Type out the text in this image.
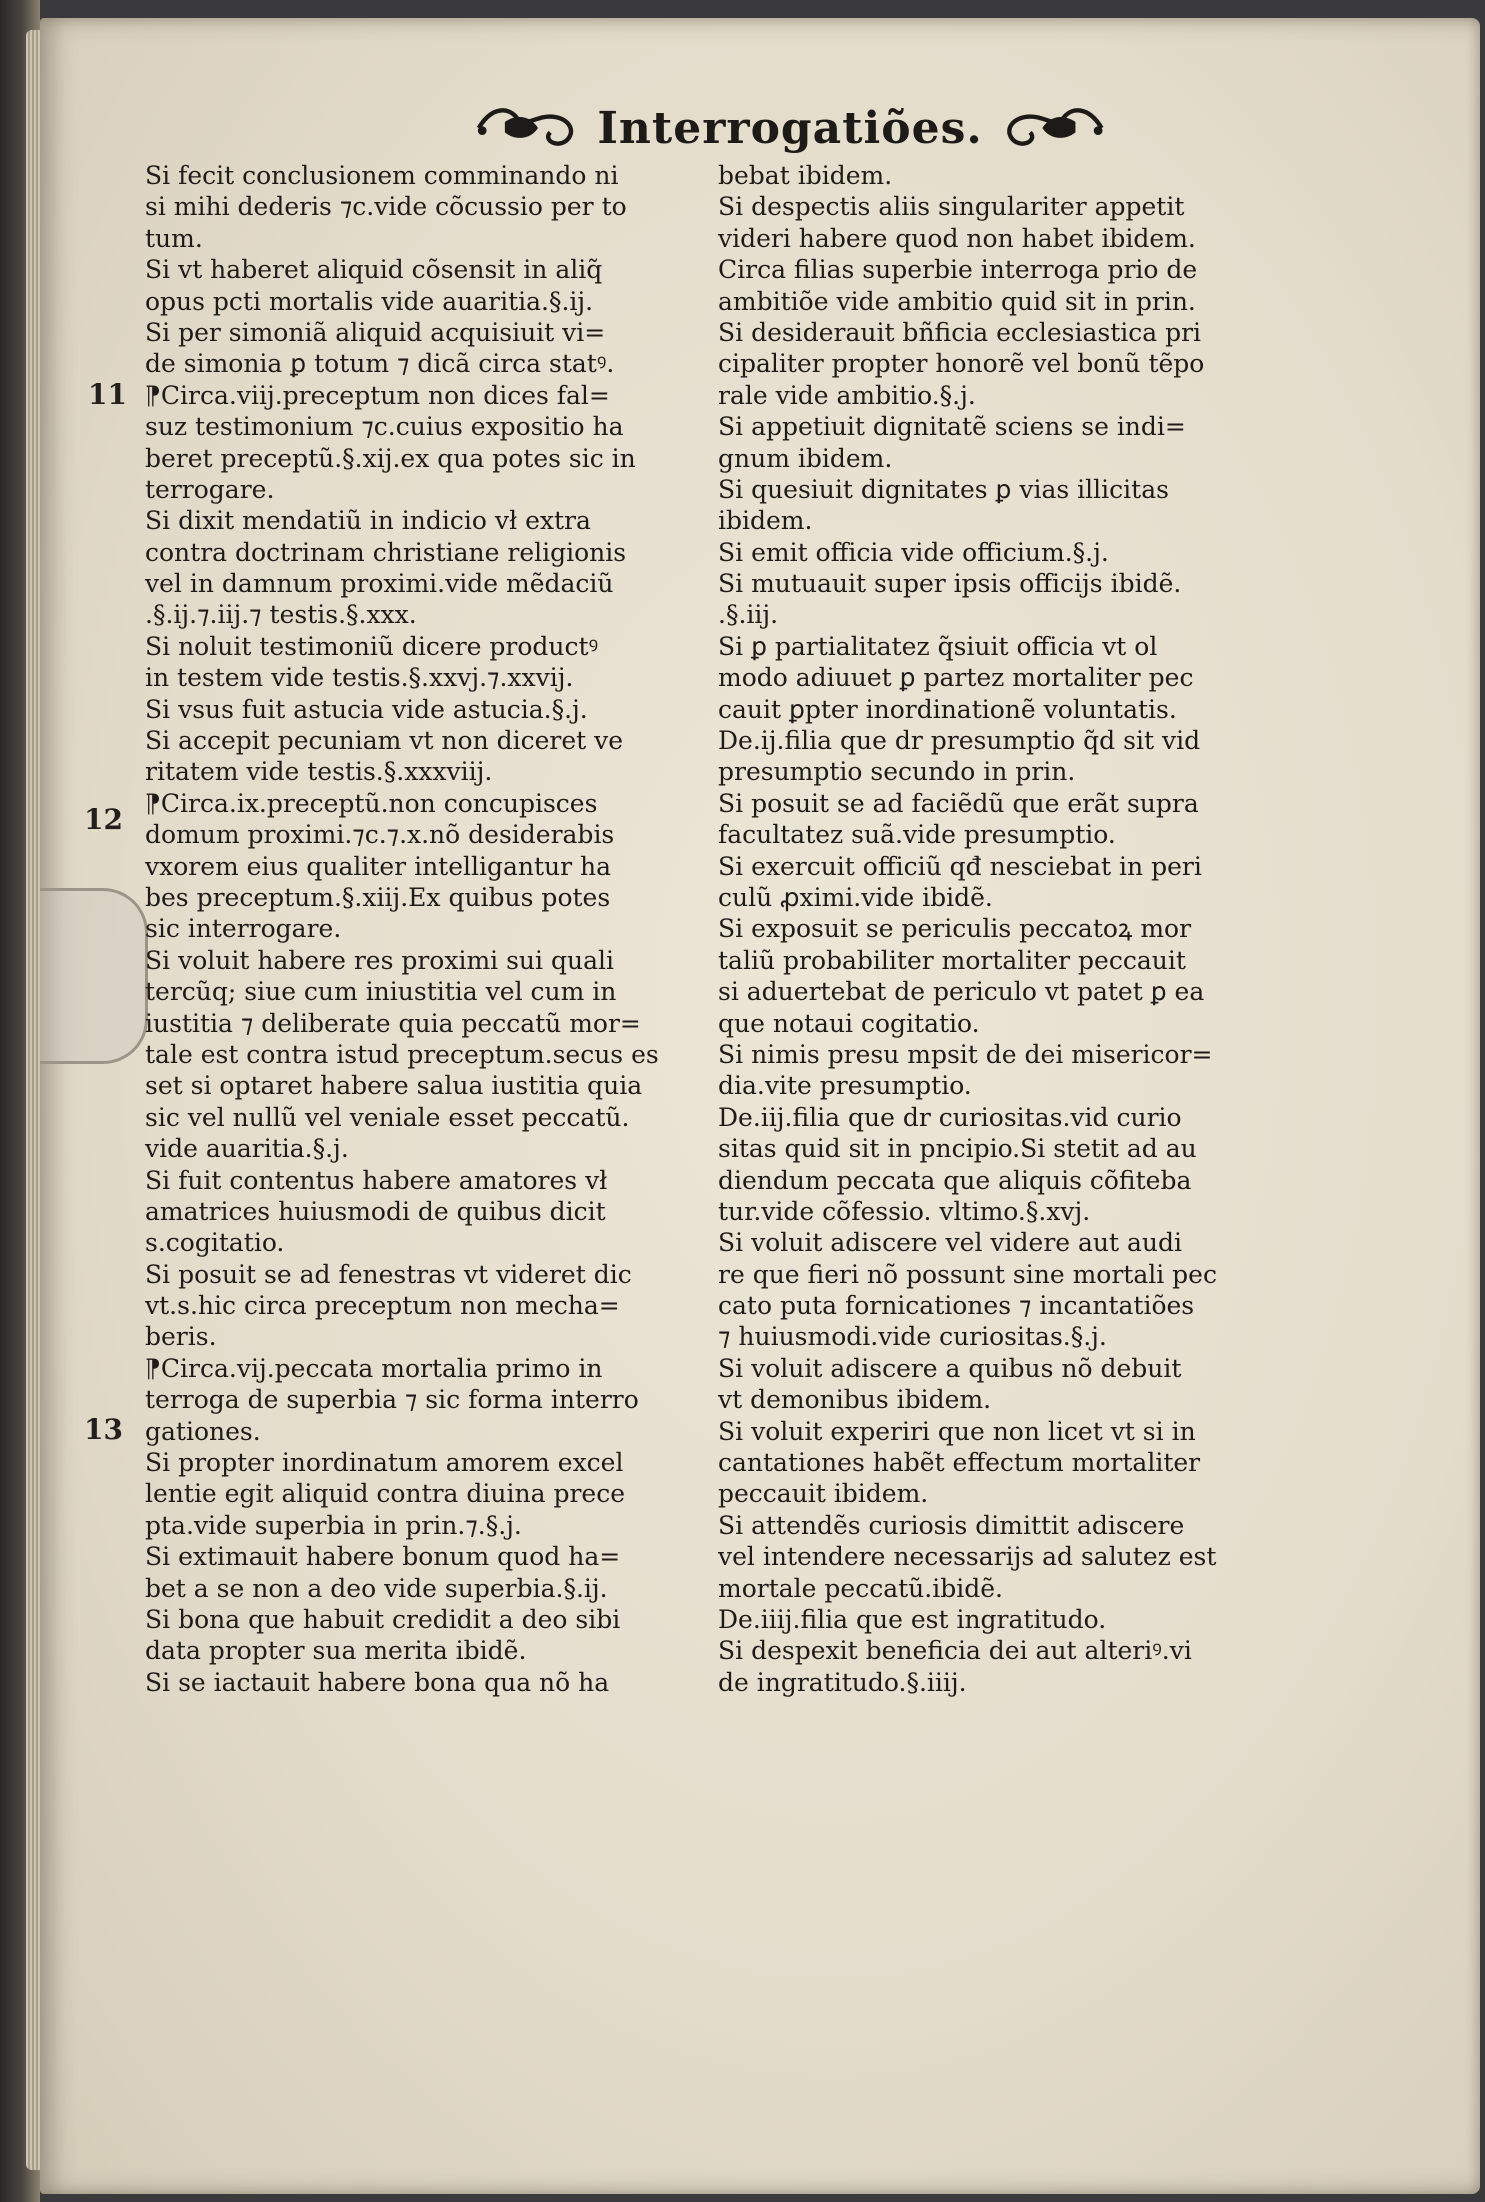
Interrogatiões.
Si fecit conclusionem comminando ni
si mihi dederis ⁊c.vide cõcussio per to
tum.
Si vt haberet aliquid cõsensit in aliq̃
opus pcti mortalis vide auaritia.§.ij.
Si per simoniã aliquid acquisiuit vi=
de simonia ꝑ totum ⁊ dicã circa statꝰ.
⁋Circa.viij.preceptum non dices fal=
suz testimonium ⁊c.cuius expositio ha
beret preceptũ.§.xij.ex qua potes sic in
terrogare.
Si dixit mendatiũ in indicio vł extra
contra doctrinam christiane religionis
vel in damnum proximi.vide mẽdaciũ
.§.ij.⁊.iij.⁊ testis.§.xxx.
Si noluit testimoniũ dicere productꝰ
in testem vide testis.§.xxvj.⁊.xxvij.
Si vsus fuit astucia vide astucia.§.j.
Si accepit pecuniam vt non diceret ve
ritatem vide testis.§.xxxviij.
⁋Circa.ix.preceptũ.non concupisces
domum proximi.⁊c.⁊.x.nõ desiderabis
vxorem eius qualiter intelligantur ha
bes preceptum.§.xiij.Ex quibus potes
sic interrogare.
Si voluit habere res proximi sui quali
tercũq; siue cum iniustitia vel cum in
iustitia ⁊ deliberate quia peccatũ mor=
tale est contra istud preceptum.secus es
set si optaret habere salua iustitia quia
sic vel nullũ vel veniale esset peccatũ.
vide auaritia.§.j.
Si fuit contentus habere amatores vł
amatrices huiusmodi de quibus dicit
s.cogitatio.
Si posuit se ad fenestras vt videret dic
vt.s.hic circa preceptum non mecha=
beris.
⁋Circa.vij.peccata mortalia primo in
terroga de superbia ⁊ sic forma interro
gationes.
Si propter inordinatum amorem excel
lentie egit aliquid contra diuina prece
pta.vide superbia in prin.⁊.§.j.
Si extimauit habere bonum quod ha=
bet a se non a deo vide superbia.§.ij.
Si bona que habuit credidit a deo sibi
data propter sua merita ibidẽ.
Si se iactauit habere bona qua nõ ha
bebat ibidem.
Si despectis aliis singulariter appetit
videri habere quod non habet ibidem.
Circa filias superbie interroga prio de
ambitiõe vide ambitio quid sit in prin.
Si desiderauit bñficia ecclesiastica pri
cipaliter propter honorẽ vel bonũ tẽpo
rale vide ambitio.§.j.
Si appetiuit dignitatẽ sciens se indi=
gnum ibidem.
Si quesiuit dignitates ꝑ vias illicitas
ibidem.
Si emit officia vide officium.§.j.
Si mutuauit super ipsis officijs ibidẽ.
.§.iij.
Si ꝑ partialitatez q̃siuit officia vt ol
modo adiuuet ꝑ partez mortaliter pec
cauit ꝑpter inordinationẽ voluntatis.
De.ij.filia que dr presumptio q̃d sit vid
presumptio secundo in prin.
Si posuit se ad faciẽdũ que erãt supra
facultatez suã.vide presumptio.
Si exercuit officiũ qđ nesciebat in peri
culũ ꝓximi.vide ibidẽ.
Si exposuit se periculis peccatoꝝ mor
taliũ probabiliter mortaliter peccauit
si aduertebat de periculo vt patet ꝑ ea
que notaui cogitatio.
Si nimis presu mpsit de dei misericor=
dia.vite presumptio.
De.iij.filia que dr curiositas.vid curio
sitas quid sit in pncipio.Si stetit ad au
diendum peccata que aliquis cõfiteba
tur.vide cõfessio. vltimo.§.xvj.
Si voluit adiscere vel videre aut audi
re que fieri nõ possunt sine mortali pec
cato puta fornicationes ⁊ incantatiões
⁊ huiusmodi.vide curiositas.§.j.
Si voluit adiscere a quibus nõ debuit
vt demonibus ibidem.
Si voluit experiri que non licet vt si in
cantationes habẽt effectum mortaliter
peccauit ibidem.
Si attendẽs curiosis dimittit adiscere
vel intendere necessarijs ad salutez est
mortale peccatũ.ibidẽ.
De.iiij.filia que est ingratitudo.
Si despexit beneficia dei aut alteriꝰ.vi
de ingratitudo.§.iiij.
11
12
13
